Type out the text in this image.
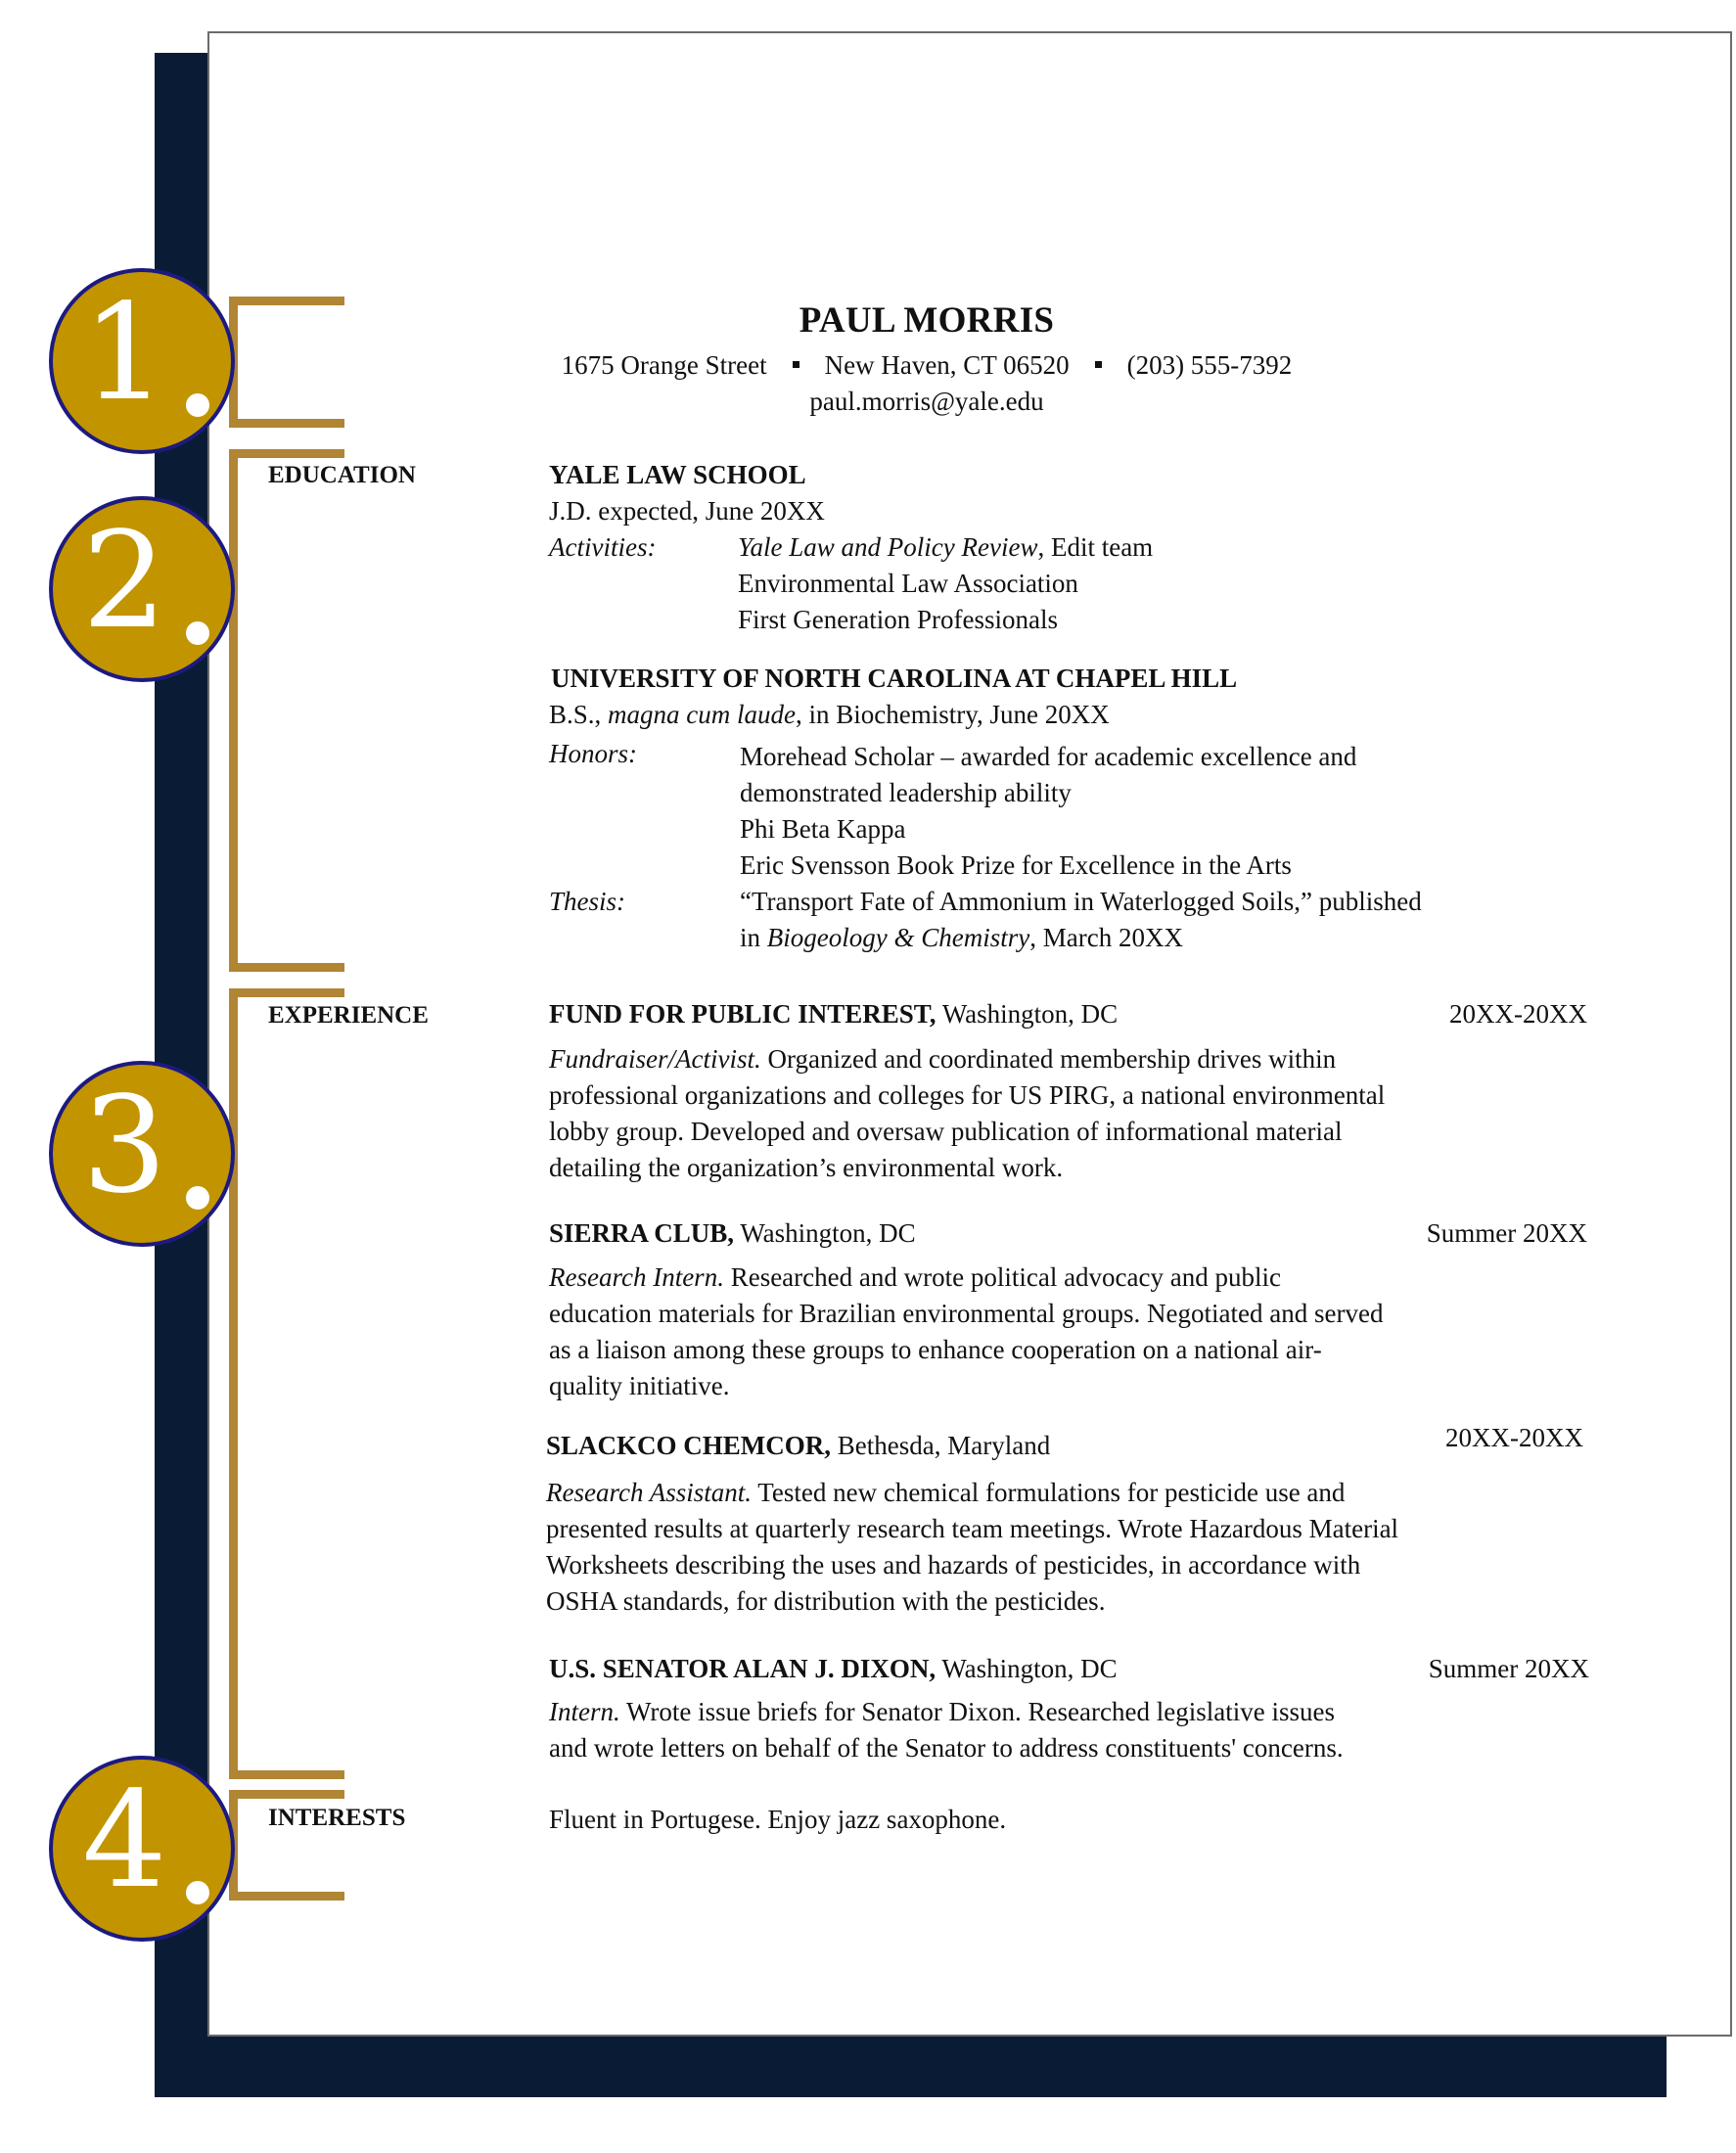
1
2
3
4
PAUL MORRIS
1675 Orange Street New Haven, CT 06520 (203) 555-7392
paul.morris@yale.edu
EDUCATION	YALE LAW SCHOOL
J.D. expected, June 20XX
Activities:	Yale Law and Policy Review, Edit team
Environmental Law Association
First Generation Professionals
UNIVERSITY OF NORTH CAROLINA AT CHAPEL HILL
B.S., magna cum laude, in Biochemistry, June 20XX
Honors:	Morehead Scholar – awarded for academic excellence and
demonstrated leadership ability
Phi Beta Kappa
Eric Svensson Book Prize for Excellence in the Arts
Thesis:	“Transport Fate of Ammonium in Waterlogged Soils,” published
in Biogeology & Chemistry, March 20XX
EXPERIENCE	FUND FOR PUBLIC INTEREST, Washington, DC	20XX-20XX
Fundraiser/Activist. Organized and coordinated membership drives within
professional organizations and colleges for US PIRG, a national environmental
lobby group. Developed and oversaw publication of informational material
detailing the organization’s environmental work.
SIERRA CLUB, Washington, DC	Summer 20XX
Research Intern. Researched and wrote political advocacy and public
education materials for Brazilian environmental groups. Negotiated and served
as a liaison among these groups to enhance cooperation on a national air-
quality initiative.
SLACKCO CHEMCOR, Bethesda, Maryland	20XX-20XX
Research Assistant. Tested new chemical formulations for pesticide use and
presented results at quarterly research team meetings. Wrote Hazardous Material
Worksheets describing the uses and hazards of pesticides, in accordance with
OSHA standards, for distribution with the pesticides.
U.S. SENATOR ALAN J. DIXON, Washington, DC	Summer 20XX
Intern. Wrote issue briefs for Senator Dixon. Researched legislative issues
and wrote letters on behalf of the Senator to address constituents' concerns.
INTERESTS	Fluent in Portugese. Enjoy jazz saxophone.
